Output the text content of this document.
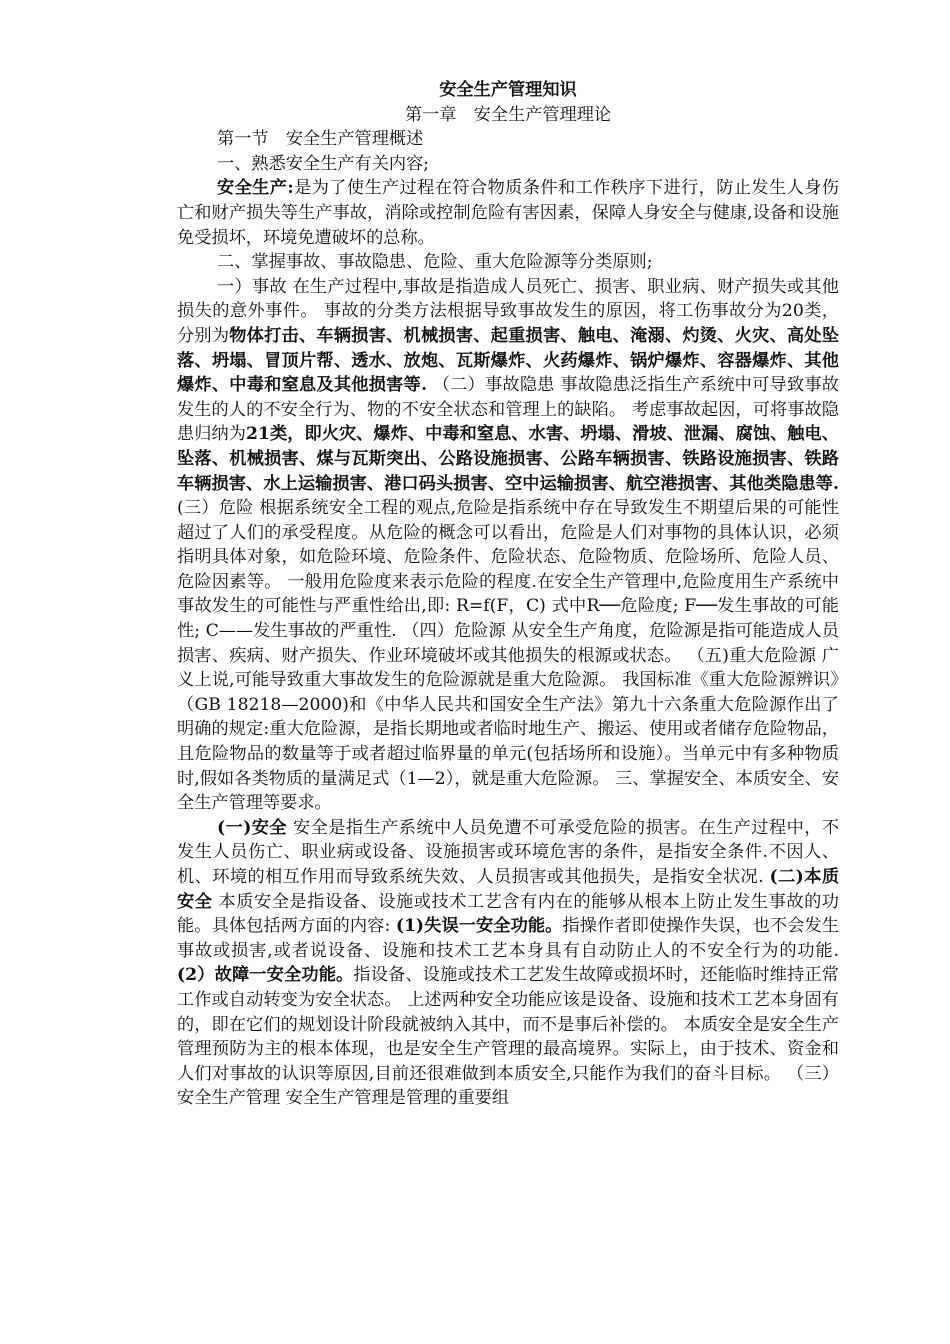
安全生产管理知识

第一章　安全生产管理理论

第一节　安全生产管理概述

一、熟悉安全生产有关内容;

安全生产:是为了使生产过程在符合物质条件和工作秩序下进行，防止发生人身伤亡和财产损失等生产事故，消除或控制危险有害因素，保障人身安全与健康,设备和设施免受损坏，环境免遭破坏的总称。

二、掌握事故、事故隐患、危险、重大危险源等分类原则;

一）事故 在生产过程中,事故是指造成人员死亡、损害、职业病、财产损失或其他损失的意外事件。 事故的分类方法根据导致事故发生的原因，将工伤事故分为20类，分别为物体打击、车辆损害、机械损害、起重损害、触电、淹溺、灼烫、火灾、高处坠落、坍塌、冒顶片帮、透水、放炮、瓦斯爆炸、火药爆炸、锅炉爆炸、容器爆炸、其他爆炸、中毒和窒息及其他损害等. （二）事故隐患 事故隐患泛指生产系统中可导致事故发生的人的不安全行为、物的不安全状态和管理上的缺陷。 考虑事故起因，可将事故隐患归纳为21类，即火灾、爆炸、中毒和窒息、水害、坍塌、滑坡、泄漏、腐蚀、触电、坠落、机械损害、煤与瓦斯突出、公路设施损害、公路车辆损害、铁路设施损害、铁路车辆损害、水上运输损害、港口码头损害、空中运输损害、航空港损害、其他类隐患等. (三）危险 根据系统安全工程的观点,危险是指系统中存在导致发生不期望后果的可能性超过了人们的承受程度。从危险的概念可以看出，危险是人们对事物的具体认识，必须指明具体对象，如危险环境、危险条件、危险状态、危险物质、危险场所、危险人员、危险因素等。 一般用危险度来表示危险的程度.在安全生产管理中,危险度用生产系统中事故发生的可能性与严重性给出,即: R=f(F，C) 式中R──危险度; F──发生事故的可能性; C——发生事故的严重性. （四）危险源 从安全生产角度，危险源是指可能造成人员损害、疾病、财产损失、作业环境破坏或其他损失的根源或状态。 （五)重大危险源 广义上说,可能导致重大事故发生的危险源就是重大危险源。 我国标准《重大危险源辨识》（GB 18218—2000)和《中华人民共和国安全生产法》第九十六条重大危险源作出了明确的规定:重大危险源，是指长期地或者临时地生产、搬运、使用或者储存危险物品，且危险物品的数量等于或者超过临界量的单元(包括场所和设施）。当单元中有多种物质时,假如各类物质的量满足式（1—2），就是重大危险源。 三、掌握安全、本质安全、安全生产管理等要求。

(一)安全 安全是指生产系统中人员免遭不可承受危险的损害。在生产过程中，不发生人员伤亡、职业病或设备、设施损害或环境危害的条件，是指安全条件.不因人、机、环境的相互作用而导致系统失效、人员损害或其他损失，是指安全状况. (二)本质安全 本质安全是指设备、设施或技术工艺含有内在的能够从根本上防止发生事故的功能。具体包括两方面的内容: (1)失误一安全功能。指操作者即使操作失误，也不会发生事故或损害,或者说设备、设施和技术工艺本身具有自动防止人的不安全行为的功能. (2）故障一安全功能。指设备、设施或技术工艺发生故障或损坏时，还能临时维持正常工作或自动转变为安全状态。 上述两种安全功能应该是设备、设施和技术工艺本身固有的，即在它们的规划设计阶段就被纳入其中，而不是事后补偿的。 本质安全是安全生产管理预防为主的根本体现，也是安全生产管理的最高境界。实际上，由于技术、资金和人们对事故的认识等原因,目前还很难做到本质安全,只能作为我们的奋斗目标。 （三）安全生产管理 安全生产管理是管理的重要组
